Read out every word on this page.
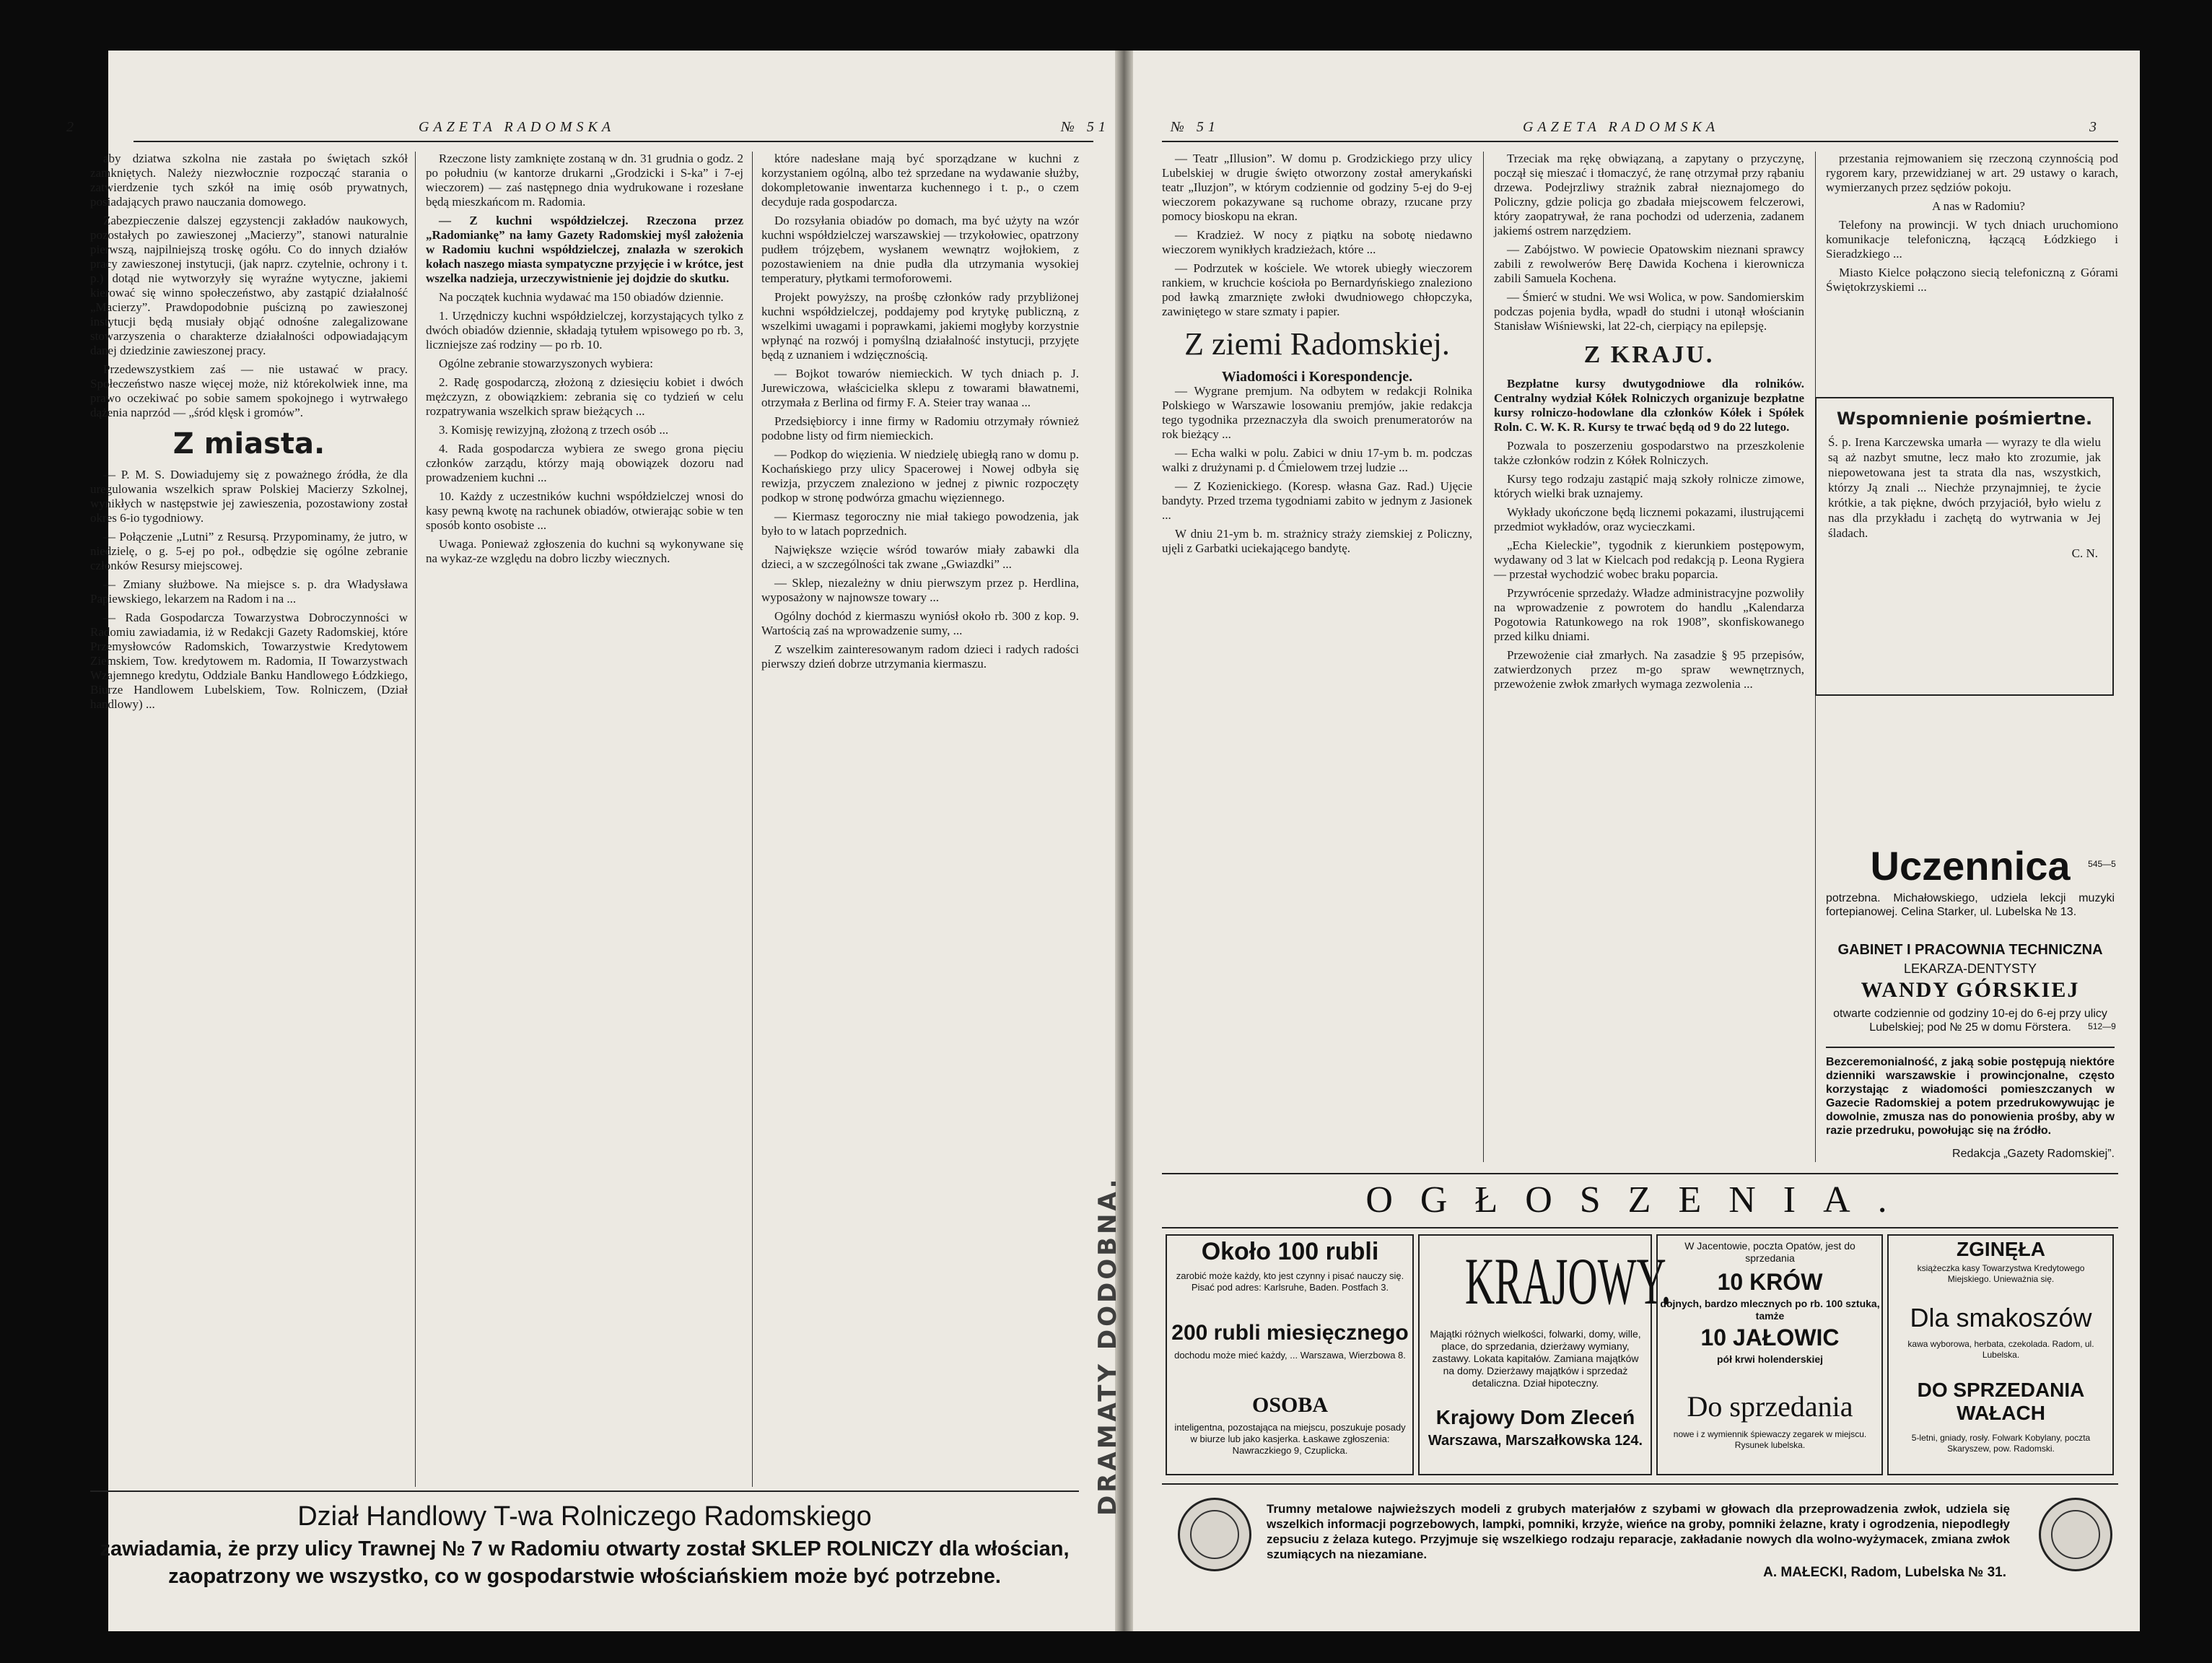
2	GAZETA RADOMSKA	№ 51

aby dziatwa szkolna nie zastała po świętach szkół zamkniętych. Należy niezwłocznie rozpocząć starania o zatwierdzenie tych szkół na imię osób prywatnych, posiadających prawo nauczania domowego.

Zabezpieczenie dalszej egzystencji zakładów naukowych, pozostałych po zawieszonej „Macierzy”, stanowi naturalnie pierwszą, najpilniejszą troskę ogółu. Co do innych działów pracy zawieszonej instytucji, (jak naprz. czytelnie, ochrony i t. p.) dotąd nie wytworzyły się wyraźne wytyczne, jakiemi kierować się winno społeczeństwo, aby zastąpić działalność „Macierzy”. Prawdopodobnie puścizną po zawieszonej instytucji będą musiały objąć odnośne zalegalizowane stowarzyszenia o charakterze działalności odpowiadającym danej dziedzinie zawieszonej pracy.

Przedewszystkiem zaś — nie ustawać w pracy. Społeczeństwo nasze więcej może, niż którekolwiek inne, ma prawo oczekiwać po sobie samem spokojnego i wytrwałego dążenia naprzód — „śród klęsk i gromów”.

Z miasta.

— P. M. S. Dowiadujemy się z poważnego źródła, że dla uregulowania wszelkich spraw Polskiej Macierzy Szkolnej, wynikłych w następstwie jej zawieszenia, pozostawiony został okres 6-io tygodniowy.

— Połączenie „Lutni” z Resursą. Przypominamy, że jutro, w niedzielę, o g. 5-ej po poł., odbędzie się ogólne zebranie członków Resursy miejscowej.

— Zmiany służbowe. Na miejsce s. p. dra Władysława Papiewskiego, lekarzem na Radom i na ...

— Rada Gospodarcza Towarzystwa Dobroczynności w Radomiu zawiadamia, iż w Redakcji Gazety Radomskiej, które Przemysłowców Radomskich, Towarzystwie Kredytowem Ziemskiem, Tow. kredytowem m. Radomia, II Towarzystwach Wzajemnego kredytu, Oddziale Banku Handlowego Łódzkiego, Biurze Handlowem Lubelskiem, Tow. Rolniczem, (Dział handlowy) ...

Rzeczone listy zamknięte zostaną w dn. 31 grudnia o godz. 2 po południu (w kantorze drukarni „Grodzicki i S-ka” i 7-ej wieczorem) — zaś następnego dnia wydrukowane i rozesłane będą mieszkańcom m. Radomia.

— Z kuchni współdzielczej. Rzeczona przez „Radomiankę” na łamy Gazety Radomskiej myśl założenia w Radomiu kuchni współdzielczej, znalazła w szerokich kołach naszego miasta sympatyczne przyjęcie i w krótce, jest wszelka nadzieja, urzeczywistnienie jej dojdzie do skutku.

Na początek kuchnia wydawać ma 150 obiadów dziennie.

1. Urzędniczy kuchni współdzielczej, korzystających tylko z dwóch obiadów dziennie, składają tytułem wpisowego po rb. 3, liczniejsze zaś rodziny — po rb. 10.

Ogólne zebranie stowarzyszonych wybiera:

2. Radę gospodarczą, złożoną z dziesięciu kobiet i dwóch mężczyzn, z obowiązkiem: zebrania się co tydzień w celu rozpatrywania wszelkich spraw bieżących ...

3. Komisję rewizyjną, złożoną z trzech osób ...

4. Rada gospodarcza wybiera ze swego grona pięciu członków zarządu, którzy mają obowiązek dozoru nad prowadzeniem kuchni ...

10. Każdy z uczestników kuchni współdzielczej wnosi do kasy pewną kwotę na rachunek obiadów, otwierając sobie w ten sposób konto osobiste ...

Uwaga. Ponieważ zgłoszenia do kuchni są wykonywane się na wykaz-ze względu na dobro liczby wiecznych.

które nadesłane mają być sporządzane w kuchni z korzystaniem ogólną, albo też sprzedane na wydawanie służby, dokompletowanie inwentarza kuchennego i t. p., o czem decyduje rada gospodarcza.

Do rozsyłania obiadów po domach, ma być użyty na wzór kuchni współdzielczej warszawskiej — trzykołowiec, opatrzony pudłem trójzębem, wysłanem wewnątrz wojłokiem, z pozostawieniem na dnie pudła dla utrzymania wysokiej temperatury, płytkami termoforowemi.

Projekt powyższy, na prośbę członków rady przybliżonej kuchni współdzielczej, poddajemy pod krytykę publiczną, z wszelkimi uwagami i poprawkami, jakiemi mogłyby korzystnie wpłynąć na rozwój i pomyślną działalność instytucji, przyjęte będą z uznaniem i wdzięcznością.

— Bojkot towarów niemieckich. W tych dniach p. J. Jurewiczowa, właścicielka sklepu z towarami bławatnemi, otrzymała z Berlina od firmy F. A. Steier tray wanaa ...

Przedsiębiorcy i inne firmy w Radomiu otrzymały również podobne listy od firm niemieckich.

— Podkop do więzienia. W niedzielę ubiegłą rano w domu p. Kochańskiego przy ulicy Spacerowej i Nowej odbyła się rewizja, przyczem znaleziono w jednej z piwnic rozpoczęty podkop w stronę podwórza gmachu więziennego.

— Kiermasz tegoroczny nie miał takiego powodzenia, jak było to w latach poprzednich.

Największe wzięcie wśród towarów miały zabawki dla dzieci, a w szczególności tak zwane „Gwiazdki” ...

— Sklep, niezależny w dniu pierwszym przez p. Herdlina, wyposażony w najnowsze towary ...

Ogólny dochód z kiermaszu wyniósł około rb. 300 z kop. 9. Wartością zaś na wprowadzenie sumy, ...

Z wszelkim zainteresowanym radom dzieci i radych radości pierwszy dzień dobrze utrzymania kiermaszu.

Dział Handlowy T-wa Rolniczego Radomskiego
zawiadamia, że przy ulicy Trawnej № 7 w Radomiu otwarty został SKLEP ROLNICZY dla włościan,
zaopatrzony we wszystko, co w gospodarstwie włościańskiem może być potrzebne.
№ 51	GAZETA RADOMSKA	3

— Teatr „Illusion”. W domu p. Grodzickiego przy ulicy Lubelskiej w drugie święto otworzony został amerykański teatr „Iluzjon”, w którym codziennie od godziny 5-ej do 9-ej wieczorem pokazywane są ruchome obrazy, rzucane przy pomocy bioskopu na ekran.

— Kradzież. W nocy z piątku na sobotę niedawno wieczorem wynikłych kradzieżach, które ...

— Podrzutek w kościele. We wtorek ubiegły wieczorem rankiem, w kruchcie kościoła po Bernardyńskiego znaleziono pod ławką zmarznięte zwłoki dwudniowego chłopczyka, zawiniętego w stare szmaty i papier.

Z ziemi Radomskiej.
Wiadomości i Korespondencje.

— Wygrane premjum. Na odbytem w redakcji Rolnika Polskiego w Warszawie losowaniu premjów, jakie redakcja tego tygodnika przeznaczyła dla swoich prenumeratorów na rok bieżący ...

— Echa walki w polu. Zabici w dniu 17-ym b. m. podczas walki z drużynami p. d Ćmielowem trzej ludzie ...

— Z Kozienickiego. (Koresp. własna Gaz. Rad.) Ujęcie bandyty. Przed trzema tygodniami zabito w jednym z Jasionek ...

W dniu 21-ym b. m. strażnicy straży ziemskiej z Policzny, ujęli z Garbatki uciekającego bandytę.

Trzeciak ma rękę obwiązaną, a zapytany o przyczynę, począł się mieszać i tłomaczyć, że ranę otrzymał przy rąbaniu drzewa. Podejrzliwy strażnik zabrał nieznajomego do Policzny, gdzie policja go zbadała miejscowem felczerowi, który zaopatrywał, że rana pochodzi od uderzenia, zadanem jakiemś ostrem narzędziem.

— Zabójstwo. W powiecie Opatowskim nieznani sprawcy zabili z rewolwerów Berę Dawida Kochena i kierownicza zabili Samuela Kochena.

— Śmierć w studni. We wsi Wolica, w pow. Sandomierskim podczas pojenia bydła, wpadł do studni i utonął włościanin Stanisław Wiśniewski, lat 22-ch, cierpiący na epilepsję.

Z KRAJU.

Bezpłatne kursy dwutygodniowe dla rolników. Centralny wydział Kółek Rolniczych organizuje bezpłatne kursy rolniczo-hodowlane dla członków Kółek i Spółek Roln. C. W. K. R. Kursy te trwać będą od 9 do 22 lutego.

Pozwala to poszerzeniu gospodarstwo na przeszkolenie także członków rodzin z Kółek Rolniczych.

Kursy tego rodzaju zastąpić mają szkoły rolnicze zimowe, których wielki brak uznajemy.

Wykłady ukończone będą licznemi pokazami, ilustrującemi przedmiot wykładów, oraz wycieczkami.

„Echa Kieleckie”, tygodnik z kierunkiem postępowym, wydawany od 3 lat w Kielcach pod redakcją p. Leona Rygiera — przestał wychodzić wobec braku poparcia.

Przywrócenie sprzedaży. Władze administracyjne pozwoliły na wprowadzenie z powrotem do handlu „Kalendarza Pogotowia Ratunkowego na rok 1908”, skonfiskowanego przed kilku dniami.

Przewożenie ciał zmarłych. Na zasadzie § 95 przepisów, zatwierdzonych przez m-go spraw wewnętrznych, przewożenie zwłok zmarłych wymaga zezwolenia ...

przestania rejmowaniem się rzeczoną czynnością pod rygorem kary, przewidzianej w art. 29 ustawy o karach, wymierzanych przez sędziów pokoju.

A nas w Radomiu?

Telefony na prowincji. W tych dniach uruchomiono komunikacje telefoniczną, łączącą Łódzkiego i Sieradzkiego ...

Miasto Kielce połączono siecią telefoniczną z Górami Świętokrzyskiemi ...

Wspomnienie pośmiertne.
Ś. p. Irena Karczewska umarła — wyrazy te dla wielu są aż nazbyt smutne, lecz mało kto zrozumie, jak niepowetowana jest ta strata dla nas, wszystkich, którzy Ją znali ... Niechże przynajmniej, te życie krótkie, a tak piękne, dwóch przyjaciół, było wielu z nas dla przykładu i zachętą do wytrwania w Jej śladach.
C. N.
Uczennica	545—5
potrzebna. Michałowskiego, udziela lekcji muzyki fortepianowej. Celina Starker, ul. Lubelska № 13.
GABINET I PRACOWNIA TECHNICZNA
LEKARZA-DENTYSTY
WANDY GÓRSKIEJ
otwarte codziennie od godziny 10-ej do 6-ej przy ulicy Lubelskiej; pod № 25 w domu Förstera.	512—9
Bezceremonialność, z jaką sobie postępują niektóre dzienniki warszawskie i prowincjonalne, często korzystając z wiadomości pomieszczanych w Gazecie Radomskiej a potem przedrukowywując je dowolnie, zmusza nas do ponowienia prośby, aby w razie przedruku, powołując się na źródło.
Redakcja „Gazety Radomskiej”.
OGŁOSZENIA.
Około 100 rubli
zarobić może każdy, kto jest czynny i pisać nauczy się. Pisać pod adres: Karlsruhe, Baden. Postfach 3.
200 rubli miesięcznego
dochodu może mieć każdy, ... Warszawa, Wierzbowa 8.
OSOBA
inteligentna, pozostająca na miejscu, poszukuje posady w biurze lub jako kasjerka. Łaskawe zgłoszenia: Nawraczkiego 9, Czuplicka.
KRAJOWY.
Majątki różnych wielkości, folwarki, domy, wille, place, do sprzedania, dzierżawy wymiany, zastawy. Lokata kapitałów. Zamiana majątków na domy. Dzierżawy majątków i sprzedaż detaliczna. Dział hipoteczny.
Krajowy Dom Zleceń
Warszawa, Marszałkowska 124.
W Jacentowie, poczta Opatów, jest do sprzedania
10 KRÓW
dojnych, bardzo mlecznych po rb. 100 sztuka, tamże
10 JAŁOWIC
pół krwi holenderskiej
Do sprzedania
nowe i z wymiennik śpiewaczy zegarek w miejscu. Rysunek lubelska.
ZGINĘŁA
książeczka kasy Towarzystwa Kredytowego Miejskiego. Unieważnia się.
Dla smakoszów
kawa wyborowa, herbata, czekolada. Radom, ul. Lubelska.
DO SPRZEDANIA WAŁACH
5-letni, gniady, rosły. Folwark Kobylany, poczta Skaryszew, pow. Radomski.
Trumny metalowe najwieższych modeli z grubych materjałów z szybami w głowach dla przeprowadzenia zwłok, udziela się wszelkich informacji pogrzebowych, lampki, pomniki, krzyże, wieńce na groby, pomniki żelazne, kraty i ogrodzenia, niepodległy zepsuciu z żelaza kutego. Przyjmuje się wszelkiego rodzaju reparacje, zakładanie nowych dla wolno-wyżymacek, zmiana zwłok szumiących na niezamiane.
A. MAŁECKI, Radom, Lubelska № 31.
DRAMATY DODOBNA.
